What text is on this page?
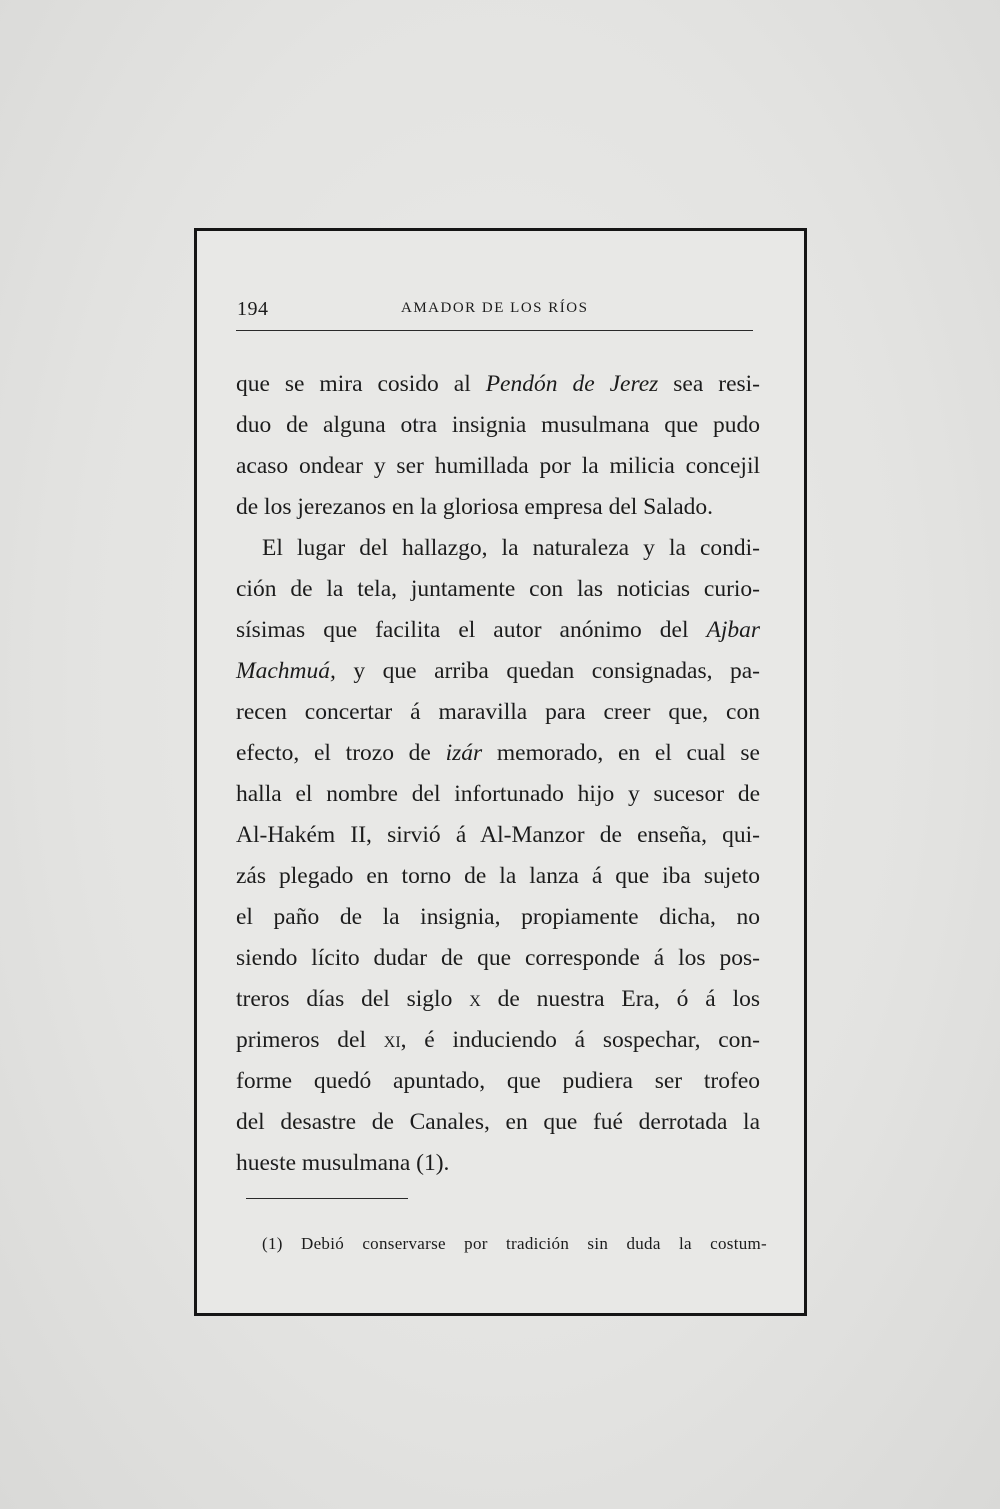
194	AMADOR DE LOS RÍOS
que se mira cosido al Pendón de Jerez sea resi-
duo de alguna otra insignia musulmana que pudo
acaso ondear y ser humillada por la milicia concejil
de los jerezanos en la gloriosa empresa del Salado.
El lugar del hallazgo, la naturaleza y la condi-
ción de la tela, juntamente con las noticias curio-
sísimas que facilita el autor anónimo del Ajbar
Machmuá, y que arriba quedan consignadas, pa-
recen concertar á maravilla para creer que, con
efecto, el trozo de izár memorado, en el cual se
halla el nombre del infortunado hijo y sucesor de
Al-Hakém II, sirvió á Al-Manzor de enseña, qui-
zás plegado en torno de la lanza á que iba sujeto
el paño de la insignia, propiamente dicha, no
siendo lícito dudar de que corresponde á los pos-
treros días del siglo x de nuestra Era, ó á los
primeros del xi, é induciendo á sospechar, con-
forme quedó apuntado, que pudiera ser trofeo
del desastre de Canales, en que fué derrotada la
hueste musulmana (1).
(1) Debió conservarse por tradición sin duda la costum-
